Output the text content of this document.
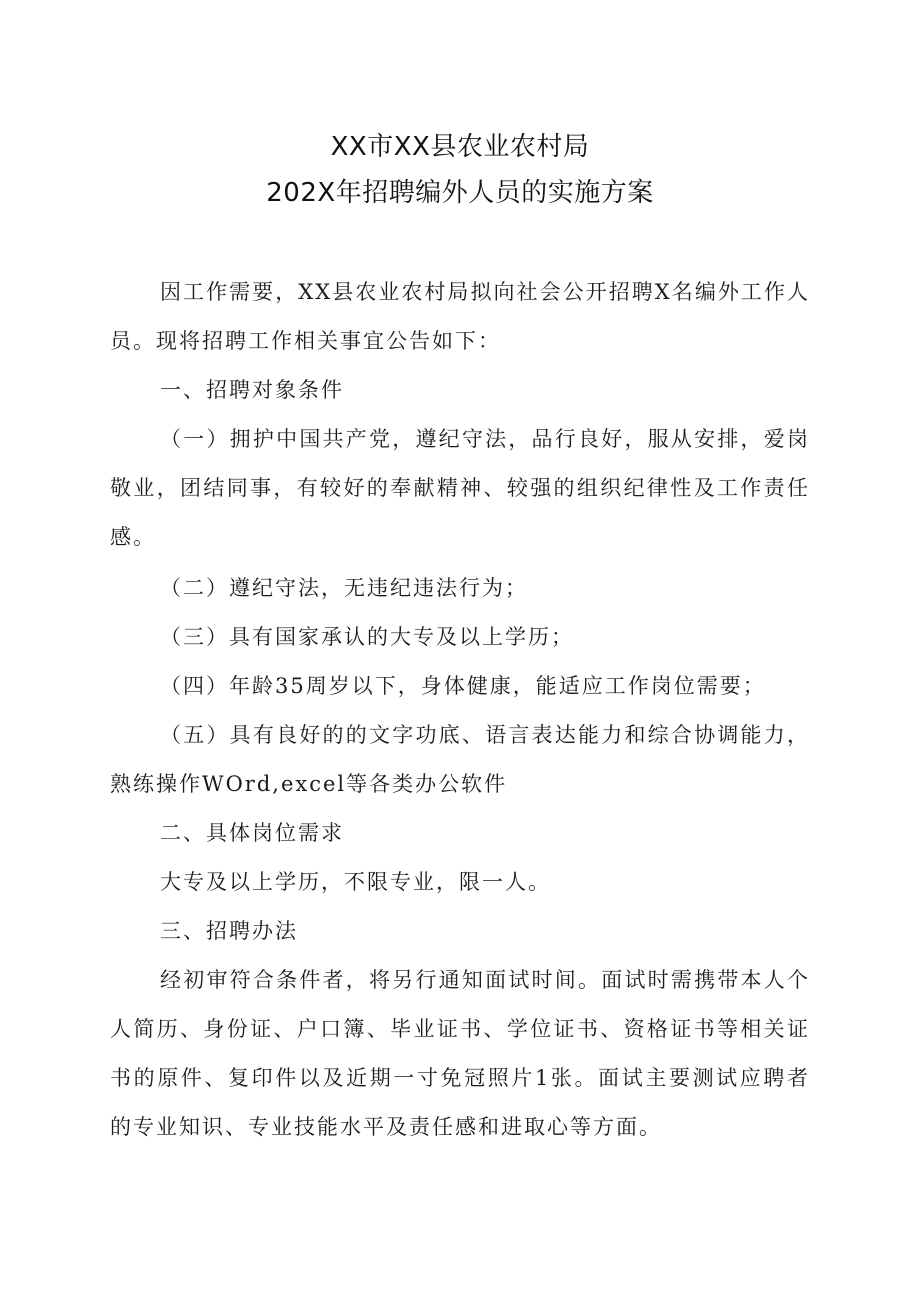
XX市XX县农业农村局
202X年招聘编外人员的实施方案

因工作需要，XX县农业农村局拟向社会公开招聘X名编外工作人员。现将招聘工作相关事宜公告如下：

一、招聘对象条件

（一）拥护中国共产党，遵纪守法，品行良好，服从安排，爱岗敬业，团结同事，有较好的奉献精神、较强的组织纪律性及工作责任感。

（二）遵纪守法，无违纪违法行为；

（三）具有国家承认的大专及以上学历；

（四）年龄35周岁以下，身体健康，能适应工作岗位需要；

（五）具有良好的的文字功底、语言表达能力和综合协调能力，熟练操作WOrd,excel等各类办公软件

二、具体岗位需求

大专及以上学历，不限专业，限一人。

三、招聘办法

经初审符合条件者，将另行通知面试时间。面试时需携带本人个人简历、身份证、户口簿、毕业证书、学位证书、资格证书等相关证书的原件、复印件以及近期一寸免冠照片1张。面试主要测试应聘者的专业知识、专业技能水平及责任感和进取心等方面。
